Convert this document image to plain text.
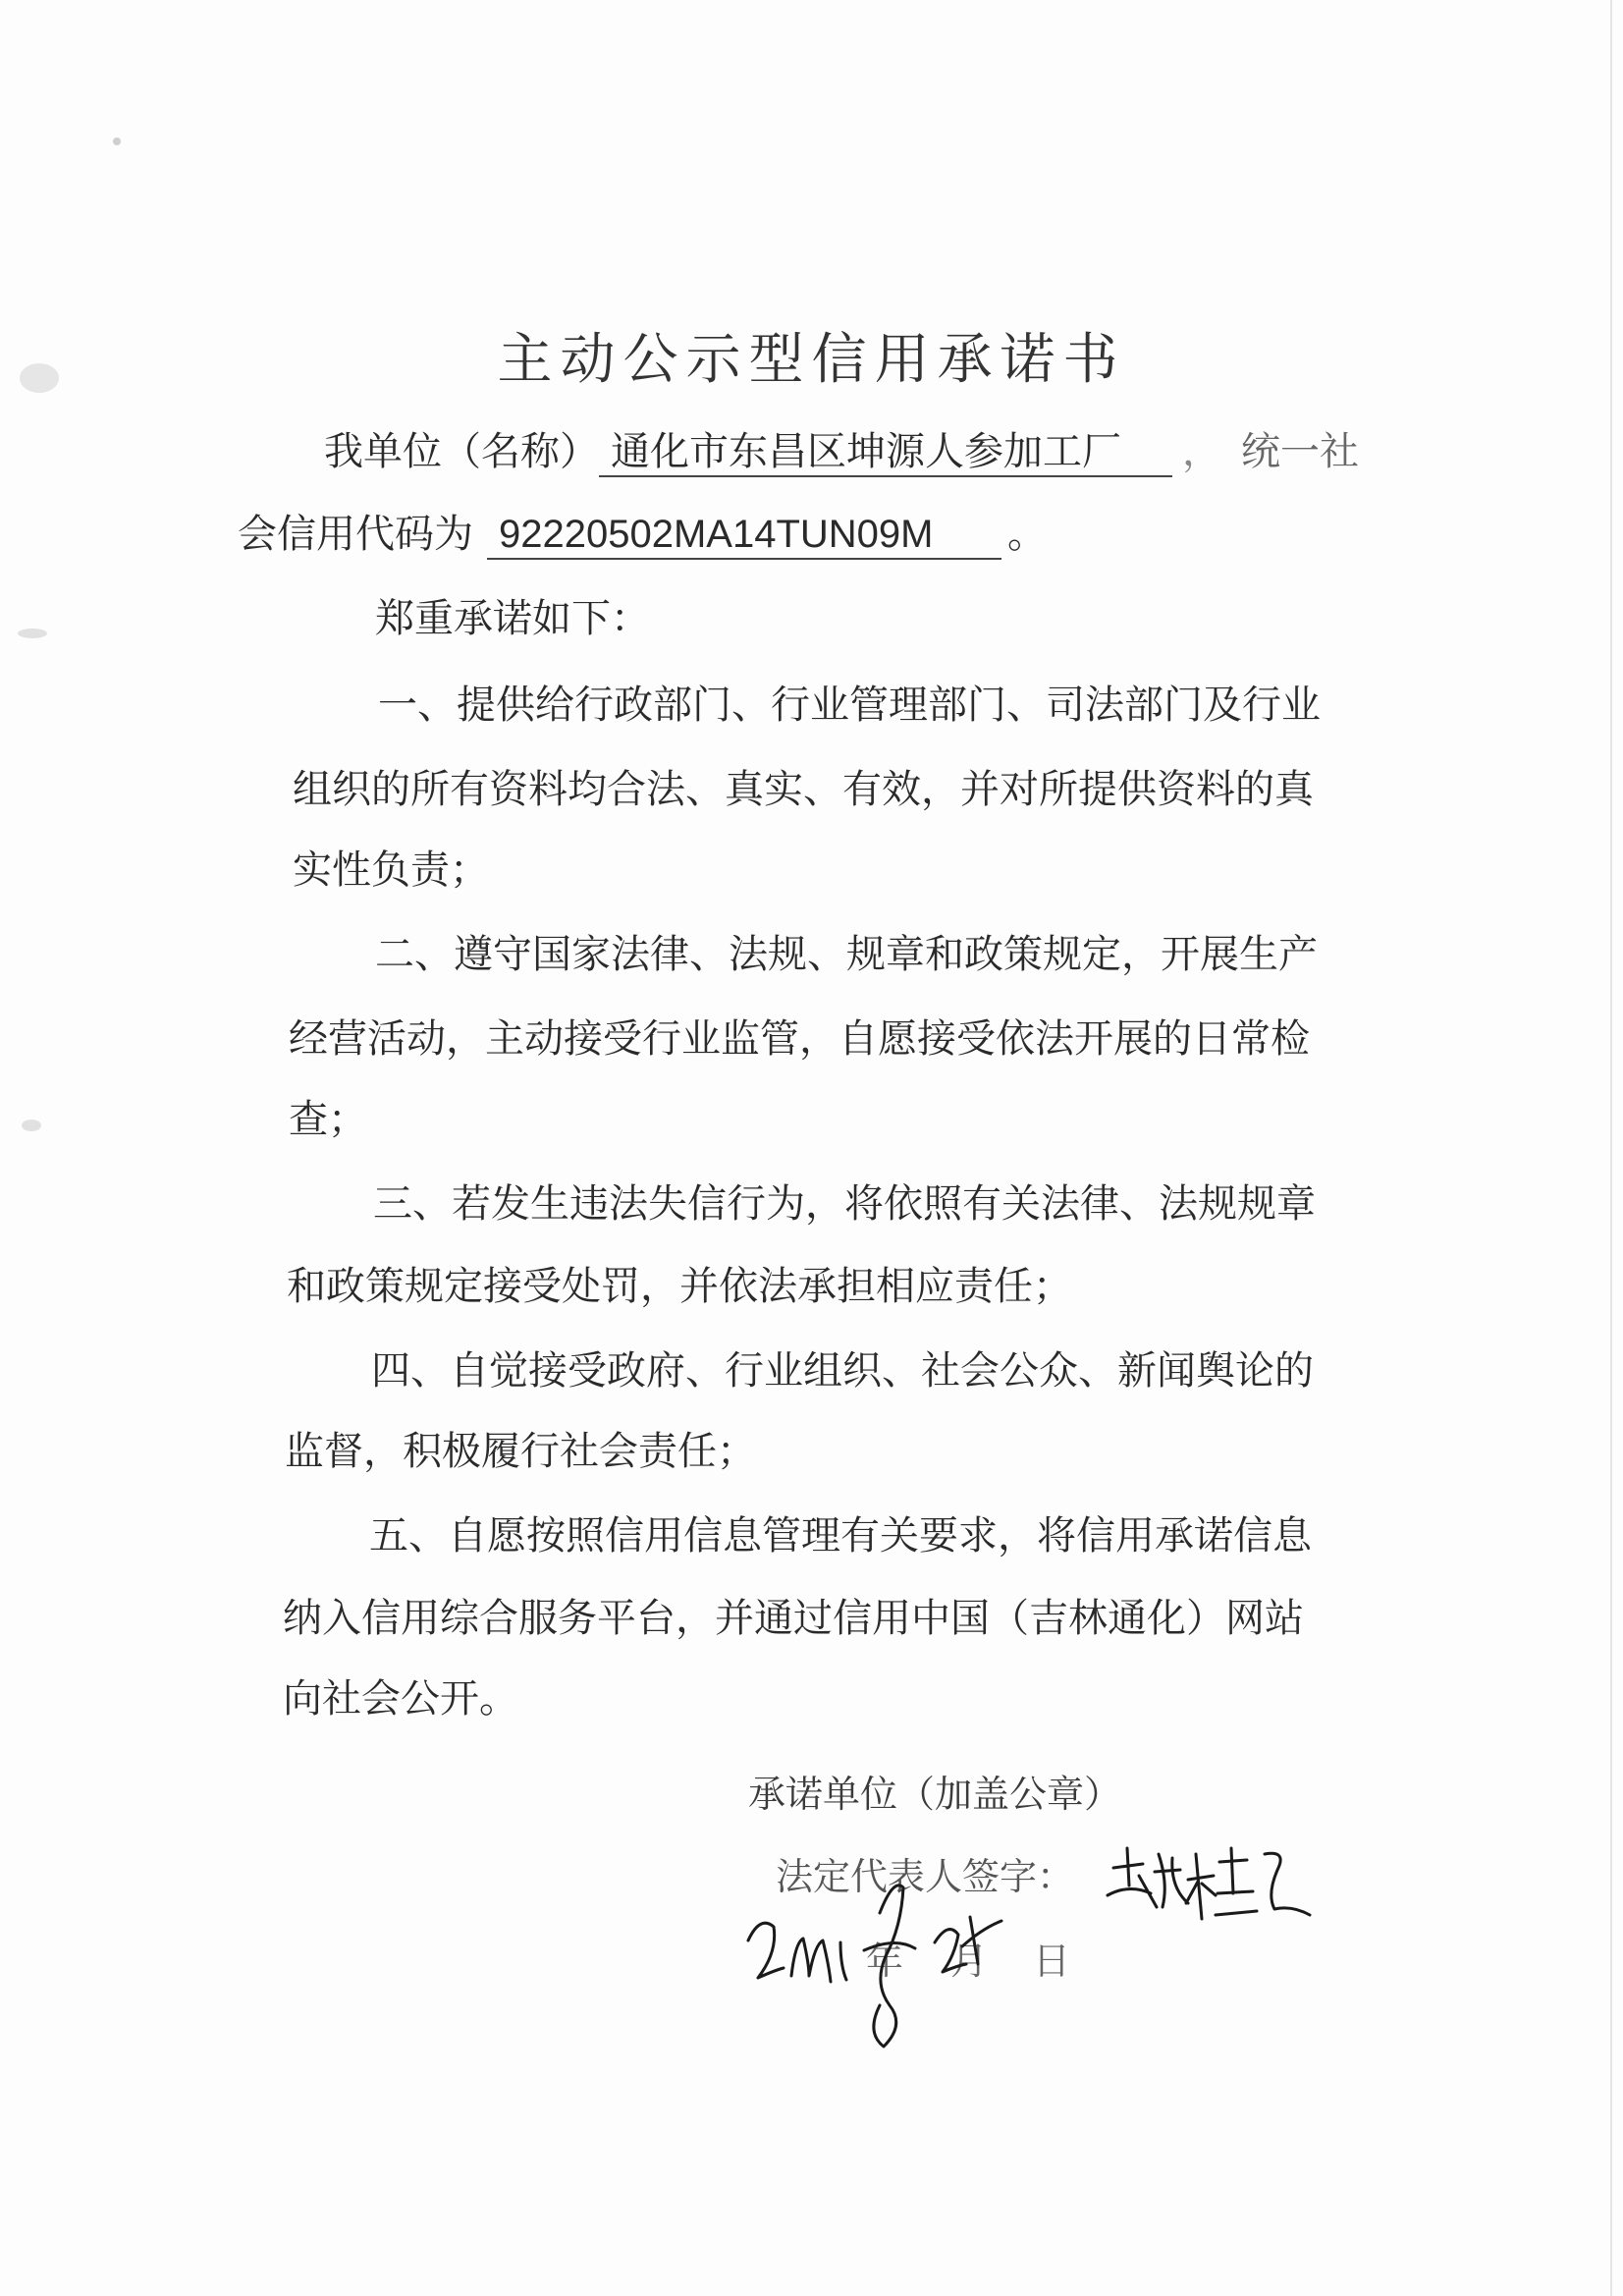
主动公示型信用承诺书
我单位（名称） 通化市东昌区坤源人参加工厂 ， 统一社
会信用代码为 92220502MA14TUN09M 。
郑重承诺如下：
一、提供给行政部门、行业管理部门、司法部门及行业
组织的所有资料均合法、真实、有效，并对所提供资料的真
实性负责；
二、遵守国家法律、法规、规章和政策规定，开展生产
经营活动，主动接受行业监管，自愿接受依法开展的日常检
查；
三、若发生违法失信行为，将依照有关法律、法规规章
和政策规定接受处罚，并依法承担相应责任；
四、自觉接受政府、行业组织、社会公众、新闻舆论的
监督，积极履行社会责任；
五、自愿按照信用信息管理有关要求，将信用承诺信息
纳入信用综合服务平台，并通过信用中国（吉林通化）网站
向社会公开。
承诺单位（加盖公章）
法定代表人签字：
年 月 日
